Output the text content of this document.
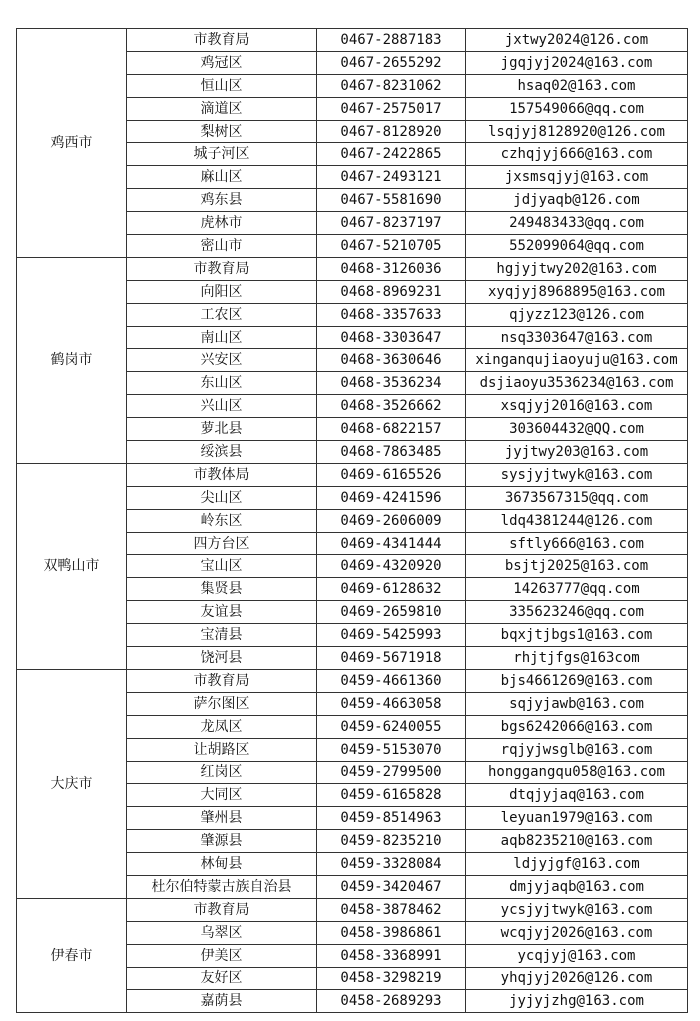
鸡西市	市教育局	0467-2887183	jxtwy2024@126.com
	鸡冠区	0467-2655292	jgqjyj2024@163.com
	恒山区	0467-8231062	hsaq02@163.com
	滴道区	0467-2575017	157549066@qq.com
	梨树区	0467-8128920	lsqjyj8128920@126.com
	城子河区	0467-2422865	czhqjyj666@163.com
	麻山区	0467-2493121	jxsmsqjyj@163.com
	鸡东县	0467-5581690	jdjyaqb@126.com
	虎林市	0467-8237197	249483433@qq.com
	密山市	0467-5210705	552099064@qq.com
鹤岗市	市教育局	0468-3126036	hgjyjtwy202@163.com
	向阳区	0468-8969231	xyqjyj8968895@163.com
	工农区	0468-3357633	qjyzz123@126.com
	南山区	0468-3303647	nsq3303647@163.com
	兴安区	0468-3630646	xinganqujiaoyuju@163.com
	东山区	0468-3536234	dsjiaoyu3536234@163.com
	兴山区	0468-3526662	xsqjyj2016@163.com
	萝北县	0468-6822157	303604432@QQ.com
	绥滨县	0468-7863485	jyjtwy203@163.com
双鸭山市	市教体局	0469-6165526	sysjyjtwyk@163.com
	尖山区	0469-4241596	3673567315@qq.com
	岭东区	0469-2606009	ldq4381244@126.com
	四方台区	0469-4341444	sftly666@163.com
	宝山区	0469-4320920	bsjtj2025@163.com
	集贤县	0469-6128632	14263777@qq.com
	友谊县	0469-2659810	335623246@qq.com
	宝清县	0469-5425993	bqxjtjbgs1@163.com
	饶河县	0469-5671918	rhjtjfgs@163com
大庆市	市教育局	0459-4661360	bjs4661269@163.com
	萨尔图区	0459-4663058	sqjyjawb@163.com
	龙凤区	0459-6240055	bgs6242066@163.com
	让胡路区	0459-5153070	rqjyjwsglb@163.com
	红岗区	0459-2799500	honggangqu058@163.com
	大同区	0459-6165828	dtqjyjaq@163.com
	肇州县	0459-8514963	leyuan1979@163.com
	肇源县	0459-8235210	aqb8235210@163.com
	林甸县	0459-3328084	ldjyjgf@163.com
	杜尔伯特蒙古族自治县	0459-3420467	dmjyjaqb@163.com
伊春市	市教育局	0458-3878462	ycsjyjtwyk@163.com
	乌翠区	0458-3986861	wcqjyj2026@163.com
	伊美区	0458-3368991	ycqjyj@163.com
	友好区	0458-3298219	yhqjyj2026@126.com
	嘉荫县	0458-2689293	jyjyjzhg@163.com
